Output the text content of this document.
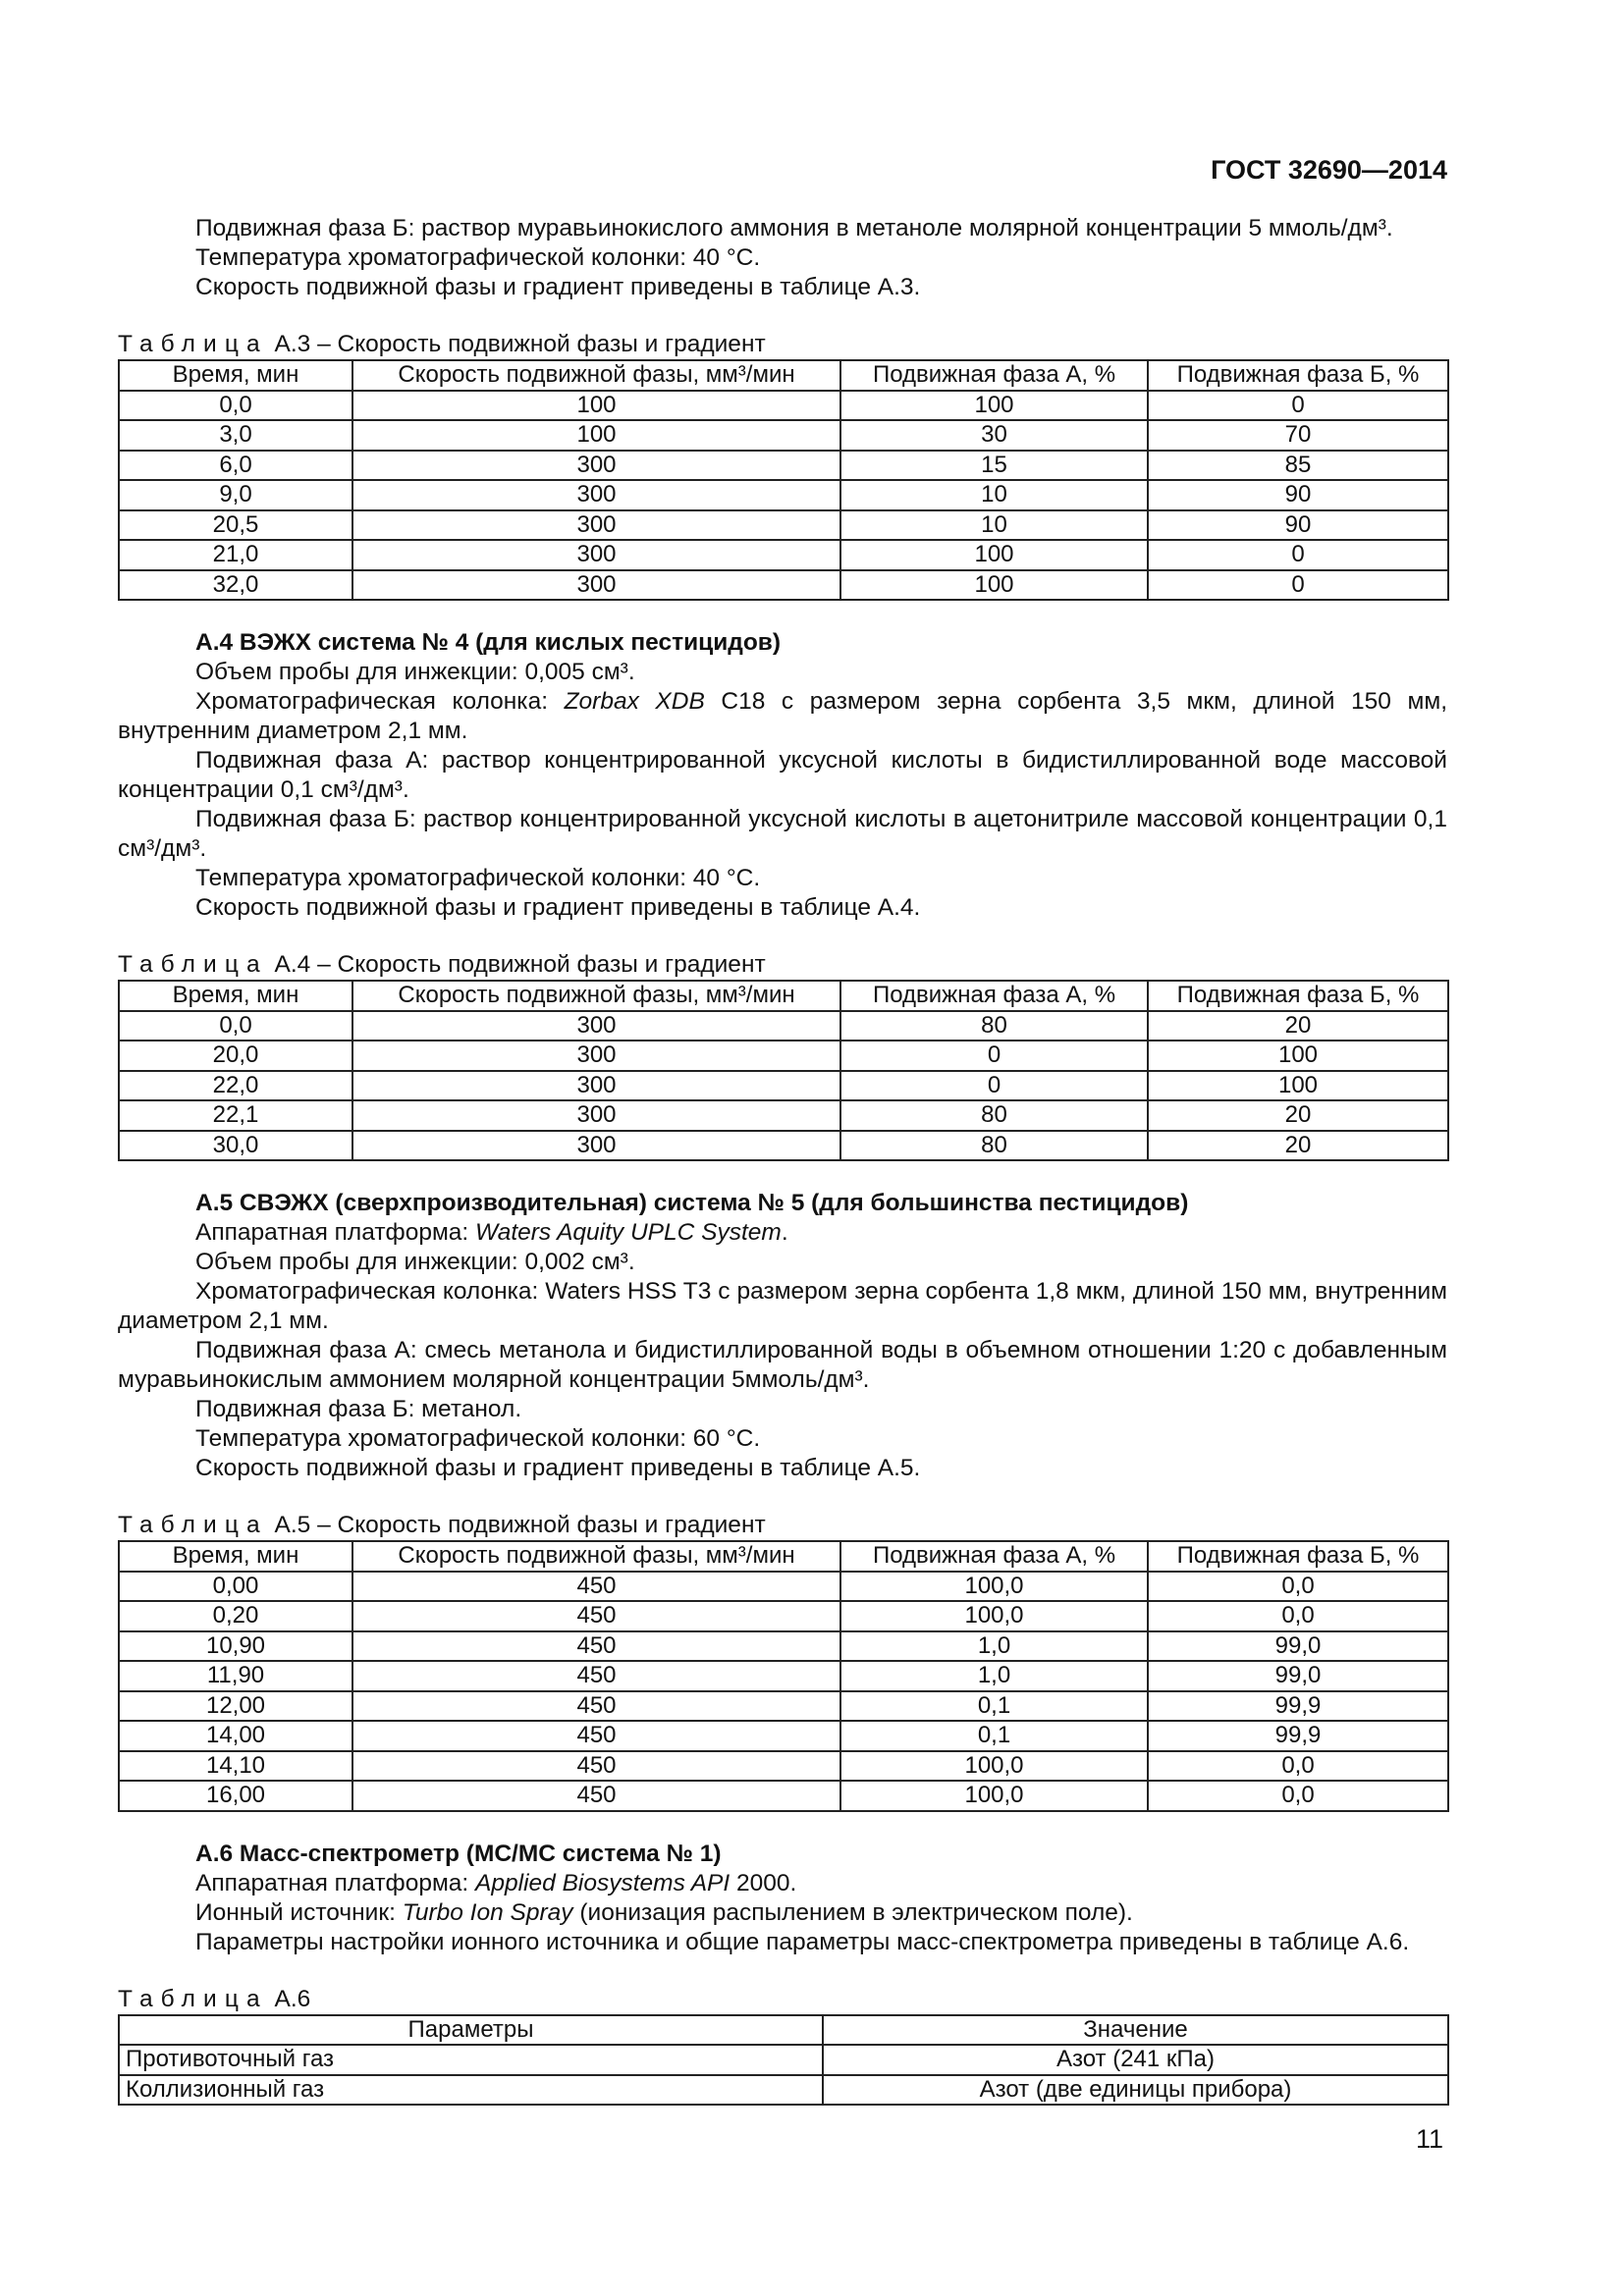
ГОСТ 32690—2014

Подвижная фаза Б: раствор муравьинокислого аммония в метаноле молярной концентрации 5 ммоль/дм³.

Температура хроматографической колонки: 40 °С.

Скорость подвижной фазы и градиент приведены в таблице А.3.

Таблица А.3 – Скорость подвижной фазы и градиент

Время, мин	Скорость подвижной фазы, мм³/мин	Подвижная фаза А, %	Подвижная фаза Б, %
0,0	100	100	0
3,0	100	30	70
6,0	300	15	85
9,0	300	10	90
20,5	300	10	90
21,0	300	100	0
32,0	300	100	0

А.4 ВЭЖХ система № 4 (для кислых пестицидов)

Объем пробы для инжекции: 0,005 см³.

Хроматографическая колонка: Zorbax XDB С18 с размером зерна сорбента 3,5 мкм, длиной 150 мм, внутренним диаметром 2,1 мм.

Подвижная фаза А: раствор концентрированной уксусной кислоты в бидистиллированной воде массовой концентрации 0,1 см³/дм³.

Подвижная фаза Б: раствор концентрированной уксусной кислоты в ацетонитриле массовой концентрации 0,1 см³/дм³.

Температура хроматографической колонки: 40 °С.

Скорость подвижной фазы и градиент приведены в таблице А.4.

Таблица А.4 – Скорость подвижной фазы и градиент

Время, мин	Скорость подвижной фазы, мм³/мин	Подвижная фаза А, %	Подвижная фаза Б, %
0,0	300	80	20
20,0	300	0	100
22,0	300	0	100
22,1	300	80	20
30,0	300	80	20

А.5 СВЭЖХ (сверхпроизводительная) система № 5 (для большинства пестицидов)

Аппаратная платформа: Waters Aquity UPLC System.

Объем пробы для инжекции: 0,002 см³.

Хроматографическая колонка: Waters HSS T3 с размером зерна сорбента 1,8 мкм, длиной 150 мм, внутренним диаметром 2,1 мм.

Подвижная фаза А: смесь метанола и бидистиллированной воды в объемном отношении 1:20 с добавленным муравьинокислым аммонием молярной концентрации 5ммоль/дм³.

Подвижная фаза Б: метанол.

Температура хроматографической колонки: 60 °С.

Скорость подвижной фазы и градиент приведены в таблице А.5.

Таблица А.5 – Скорость подвижной фазы и градиент

Время, мин	Скорость подвижной фазы, мм³/мин	Подвижная фаза А, %	Подвижная фаза Б, %
0,00	450	100,0	0,0
0,20	450	100,0	0,0
10,90	450	1,0	99,0
11,90	450	1,0	99,0
12,00	450	0,1	99,9
14,00	450	0,1	99,9
14,10	450	100,0	0,0
16,00	450	100,0	0,0

А.6 Масс-спектрометр (МС/МС система № 1)

Аппаратная платформа: Applied Biosystems API 2000.

Ионный источник: Turbo Ion Spray (ионизация распылением в электрическом поле).

Параметры настройки ионного источника и общие параметры масс-спектрометра приведены в таблице А.6.

Таблица А.6

Параметры	Значение
Противоточный газ	Азот (241 кПа)
Коллизионный газ	Азот (две единицы прибора)
11
